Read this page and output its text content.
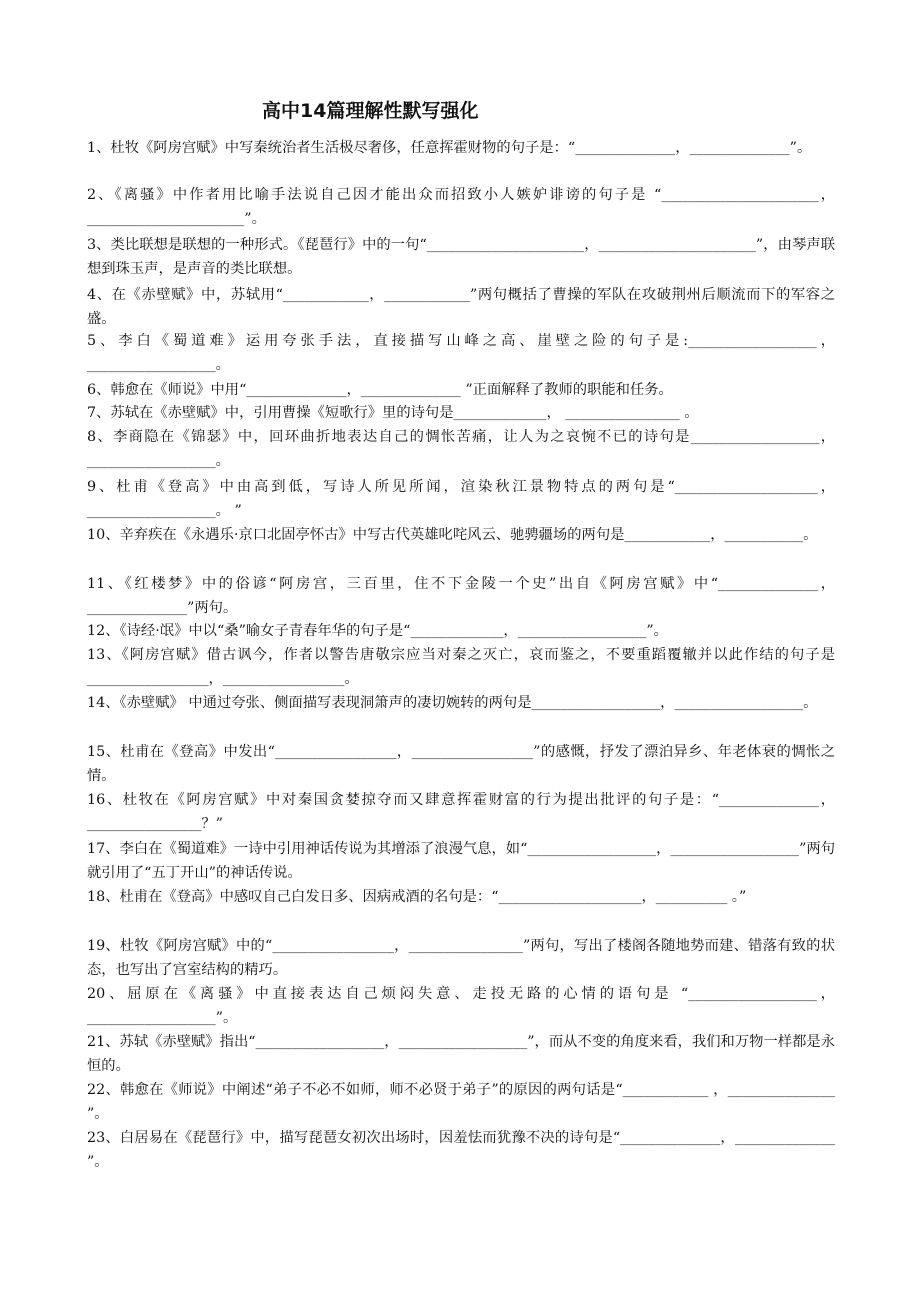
高中14篇理解性默写强化
1、杜牧《阿房宫赋》中写秦统治者生活极尽奢侈，任意挥霍财物的句子是：“______________，______________”。
2、《离骚》中作者用比喻手法说自己因才能出众而招致小人嫉妒诽谤的句子是 “______________________，______________________”。
3、类比联想是联想的一种形式。《琵琶行》中的一句“______________________，______________________”，由琴声联想到珠玉声，是声音的类比联想。
4、在《赤壁赋》中，苏轼用“____________，____________”两句概括了曹操的军队在攻破荆州后顺流而下的军容之盛。
5、李白《蜀道难》运用夸张手法，直接描写山峰之高、崖壁之险的句子是:__________________，__________________。
6、韩愈在《师说》中用“______________，______________ ”正面解释了教师的职能和任务。
7、苏轼在《赤壁赋》中，引用曹操《短歌行》里的诗句是_____________， ________________ 。
8、李商隐在《锦瑟》中，回环曲折地表达自己的惆怅苦痛，让人为之哀惋不已的诗句是__________________，__________________。
9、杜甫《登高》中由高到低，写诗人所见所闻，渲染秋江景物特点的两句是“____________________，__________________。 ”
10、辛弃疾在《永遇乐·京口北固亭怀古》中写古代英雄叱咤风云、驰骋疆场的两句是____________，___________。
11、《红楼梦》中的俗谚“阿房宫，三百里，住不下金陵一个史”出自《阿房宫赋》中“______________，______________”两句。
12、《诗经·氓》中以“桑”喻女子青春年华的句子是“_____________，__________________”。
13、《阿房宫赋》借古讽今，作者以警告唐敬宗应当对秦之灭亡，哀而鉴之，不要重蹈覆辙并以此作结的句子是_________________，_________________。
14、《赤壁赋》 中通过夸张、侧面描写表现洞箫声的凄切婉转的两句是__________________，__________________。
15、杜甫在《登高》中发出“_________________，_________________”的感慨，抒发了漂泊异乡、年老体衰的惆怅之情。
16、杜牧在《阿房宫赋》中对秦国贪婪掠夺而又肆意挥霍财富的行为提出批评的句子是：“______________，________________？”
17、李白在《蜀道难》一诗中引用神话传说为其增添了浪漫气息，如“__________________，__________________”两句就引用了“五丁开山”的神话传说。
18、杜甫在《登高》中感叹自己白发日多、因病戒酒的名句是：“____________________，__________ 。”
19、杜牧《阿房宫赋》中的“_________________，________________”两句，写出了楼阁各随地势而建、错落有致的状态，也写出了宫室结构的精巧。
20、屈原在《离骚》中直接表达自己烦闷失意、走投无路的心情的语句是 “__________________，__________________”。
21、苏轼《赤壁赋》指出“__________________，__________________”，而从不变的角度来看，我们和万物一样都是永恒的。
22、韩愈在《师说》中阐述“弟子不必不如师，师不必贤于弟子”的原因的两句话是“____________ ，_______________ ”。
23、白居易在《琵琶行》中，描写琵琶女初次出场时，因羞怯而犹豫不决的诗句是“______________，______________ ”。
